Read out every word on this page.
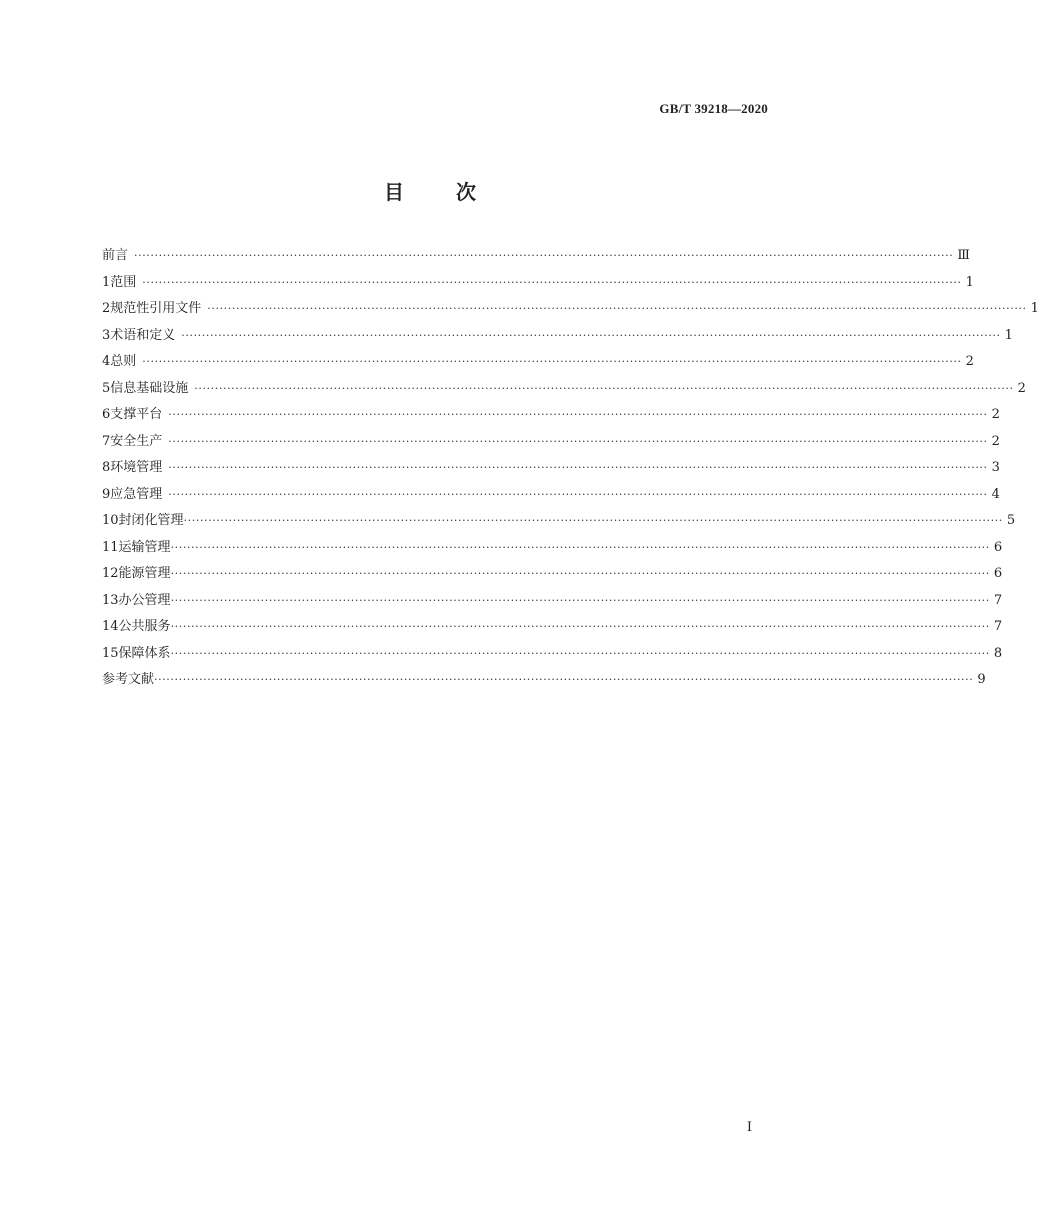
GB/T 39218—2020
目	次
前言 ········································································································································································································ Ⅲ
1 范围 ········································································································································································································ 1
2 规范性引用文件 ········································································································································································································ 1
3 术语和定义 ········································································································································································································ 1
4 总则 ········································································································································································································ 2
5 信息基础设施 ········································································································································································································ 2
6 支撑平台 ········································································································································································································ 2
7 安全生产 ········································································································································································································ 2
8 环境管理 ········································································································································································································ 3
9 应急管理 ········································································································································································································ 4
10 封闭化管理 ········································································································································································································ 5
11 运输管理 ········································································································································································································ 6
12 能源管理 ········································································································································································································ 6
13 办公管理 ········································································································································································································ 7
14 公共服务 ········································································································································································································ 7
15 保障体系 ········································································································································································································ 8
参考文献 ········································································································································································································ 9
I
